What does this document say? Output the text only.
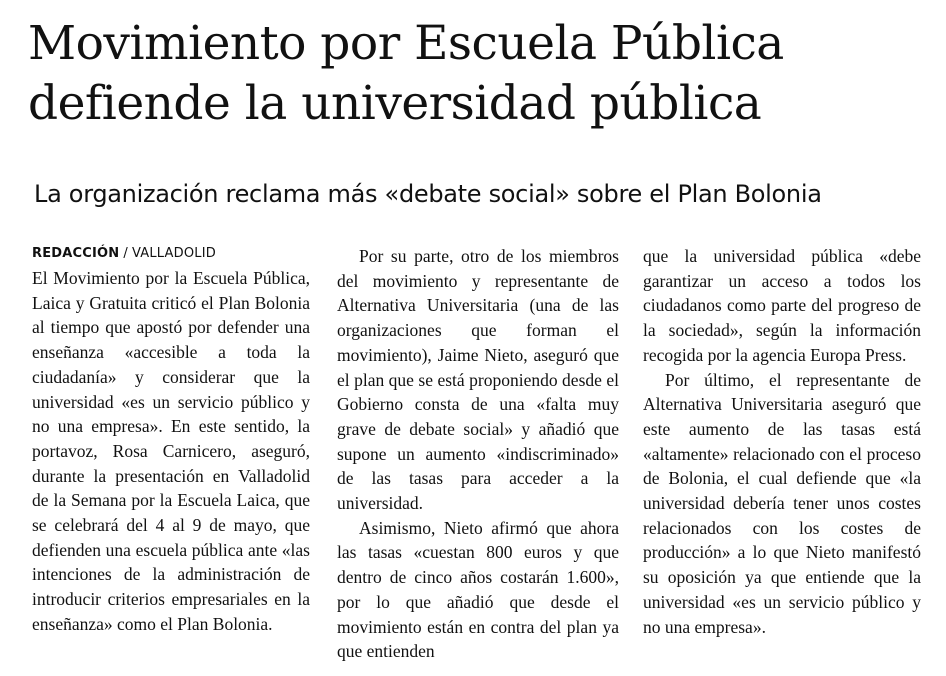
Movimiento por Escuela Pública
defiende la universidad pública
La organización reclama más «debate social» sobre el Plan Bolonia
REDACCIÓN / VALLADOLID

El Movimiento por la Escuela Pública, Laica y Gratuita criticó el Plan Bolonia al tiempo que apostó por defender una enseñanza «accesible a toda la ciudadanía» y considerar que la universidad «es un servicio público y no una empresa». En este sentido, la portavoz, Rosa Carnicero, aseguró, durante la presentación en Valladolid de la Semana por la Escuela Laica, que se celebrará del 4 al 9 de mayo, que defienden una escuela pública ante «las intenciones de la administración de introducir criterios empresariales en la enseñanza» como el Plan Bolonia.

Por su parte, otro de los miembros del movimiento y representante de Alternativa Universitaria (una de las organizaciones que forman el movimiento), Jaime Nieto, aseguró que el plan que se está proponiendo desde el Gobierno consta de una «falta muy grave de debate social» y añadió que supone un aumento «indiscriminado» de las tasas para acceder a la universidad.

Asimismo, Nieto afirmó que ahora las tasas «cuestan 800 euros y que dentro de cinco años costarán 1.600», por lo que añadió que desde el movimiento están en contra del plan ya que entienden

que la universidad pública «debe garantizar un acceso a todos los ciudadanos como parte del progreso de la sociedad», según la información recogida por la agencia Europa Press.

Por último, el representante de Alternativa Universitaria aseguró que este aumento de las tasas está «altamente» relacionado con el proceso de Bolonia, el cual defiende que «la universidad debería tener unos costes relacionados con los costes de producción» a lo que Nieto manifestó su oposición ya que entiende que la universidad «es un servicio público y no una empresa».
